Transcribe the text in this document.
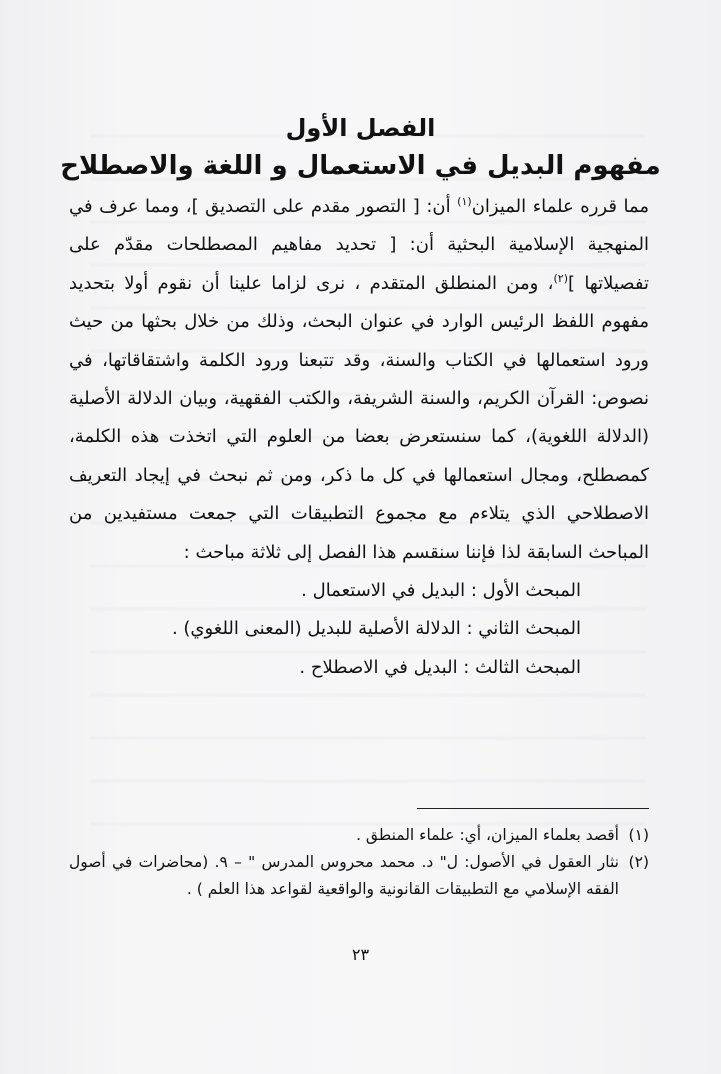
الفصل الأول
مفهوم البديل في الاستعمال و اللغة والاصطلاح

مما قرره علماء الميزان$^{(١)}$ أن: [ التصور مقدم على التصديق ]، ومما عرف في المنهجية الإسلامية البحثية أن: [ تحديد مفاهيم المصطلحات مقدّم على تفصيلاتها ]$^{(٢)}$، ومن المنطلق المتقدم ، نرى لزاما علينا أن نقوم أولا بتحديد مفهوم اللفظ الرئيس الوارد في عنوان البحث، وذلك من خلال بحثها من حيث ورود استعمالها في الكتاب والسنة، وقد تتبعنا ورود الكلمة واشتقاقاتها، في نصوص: القرآن الكريم، والسنة الشريفة، والكتب الفقهية، وبيان الدلالة الأصلية (الدلالة اللغوية)، كما سنستعرض بعضا من العلوم التي اتخذت هذه الكلمة، كمصطلح، ومجال استعمالها في كل ما ذكر، ومن ثم نبحث في إيجاد التعريف الاصطلاحي الذي يتلاءم مع مجموع التطبيقات التي جمعت مستفيدين من المباحث السابقة لذا فإننا سنقسم هذا الفصل إلى ثلاثة مباحث :

المبحث الأول : البديل في الاستعمال .
المبحث الثاني : الدلالة الأصلية للبديل (المعنى اللغوي) .
المبحث الثالث : البديل في الاصطلاح .
(١)
أقصد بعلماء الميزان، أي: علماء المنطق .
(٢)
نثار العقول في الأصول: ل" د. محمد محروس المدرس " – ٩. (محاضرات في أصول الفقه الإسلامي مع التطبيقات القانونية والواقعية لقواعد هذا العلم ) .
٢٣
